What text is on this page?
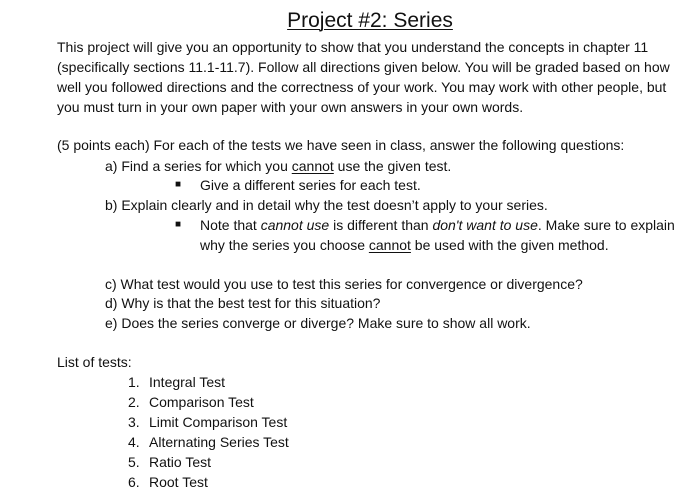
Project #2: Series
This project will give you an opportunity to show that you understand the concepts in chapter 11 (specifically sections 11.1-11.7). Follow all directions given below. You will be graded based on how well you followed directions and the correctness of your work. You may work with other people, but you must turn in your own paper with your own answers in your own words.
(5 points each) For each of the tests we have seen in class, answer the following questions:
a) Find a series for which you cannot use the given test.
■ Give a different series for each test.
b) Explain clearly and in detail why the test doesn’t apply to your series.
■ Note that cannot use is different than don't want to use. Make sure to explain why the series you choose cannot be used with the given method.
c) What test would you use to test this series for convergence or divergence?
d) Why is that the best test for this situation?
e) Does the series converge or diverge? Make sure to show all work.
List of tests:
1. Integral Test
2. Comparison Test
3. Limit Comparison Test
4. Alternating Series Test
5. Ratio Test
6. Root Test
